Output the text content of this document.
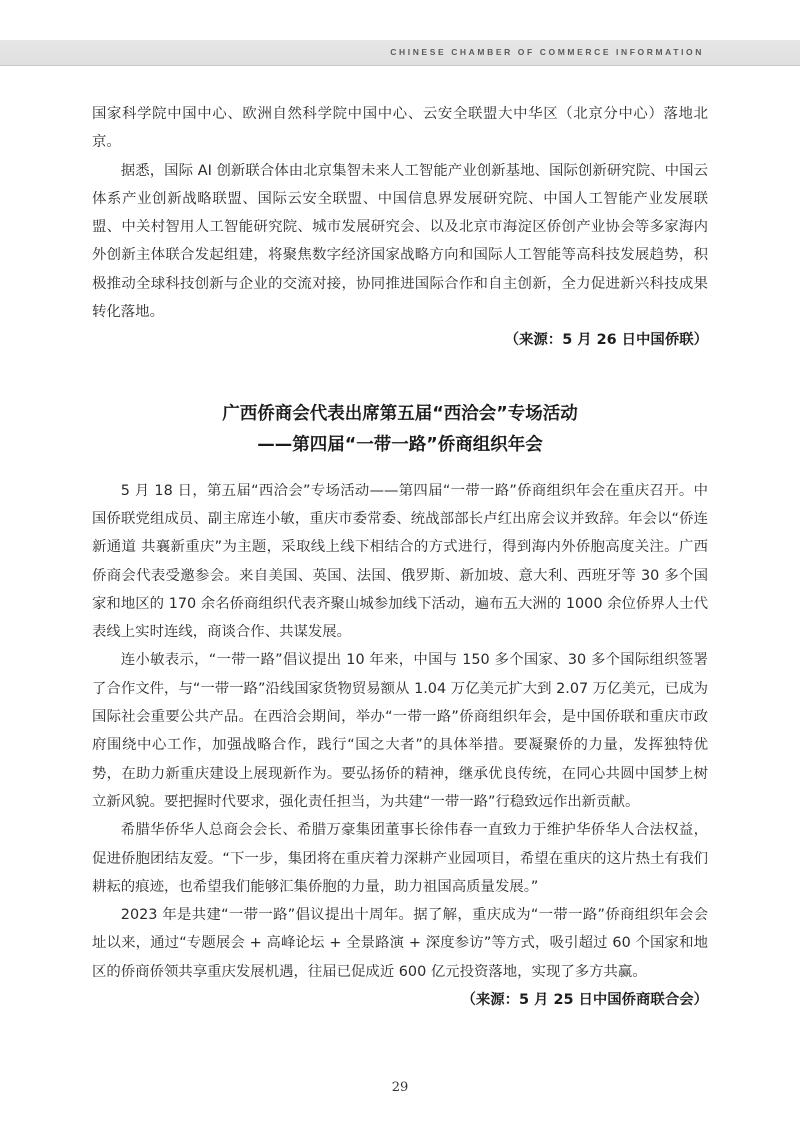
CHINESE CHAMBER OF COMMERCE INFORMATION

国家科学院中国中心、欧洲自然科学院中国中心、云安全联盟大中华区（北京分中心）落地北京。

据悉，国际 AI 创新联合体由北京集智未来人工智能产业创新基地、国际创新研究院、中国云体系产业创新战略联盟、国际云安全联盟、中国信息界发展研究院、中国人工智能产业发展联盟、中关村智用人工智能研究院、城市发展研究会、以及北京市海淀区侨创产业协会等多家海内外创新主体联合发起组建，将聚焦数字经济国家战略方向和国际人工智能等高科技发展趋势，积极推动全球科技创新与企业的交流对接，协同推进国际合作和自主创新，全力促进新兴科技成果转化落地。

（来源：5 月 26 日中国侨联）

广西侨商会代表出席第五届“西洽会”专场活动
——第四届“一带一路”侨商组织年会

5 月 18 日，第五届“西洽会”专场活动——第四届“一带一路”侨商组织年会在重庆召开。中国侨联党组成员、副主席连小敏，重庆市委常委、统战部部长卢红出席会议并致辞。年会以“侨连新通道 共襄新重庆”为主题，采取线上线下相结合的方式进行，得到海内外侨胞高度关注。广西侨商会代表受邀参会。来自美国、英国、法国、俄罗斯、新加坡、意大利、西班牙等 30 多个国家和地区的 170 余名侨商组织代表齐聚山城参加线下活动，遍布五大洲的 1000 余位侨界人士代表线上实时连线，商谈合作、共谋发展。

连小敏表示，“一带一路”倡议提出 10 年来，中国与 150 多个国家、30 多个国际组织签署了合作文件，与“一带一路”沿线国家货物贸易额从 1.04 万亿美元扩大到 2.07 万亿美元，已成为国际社会重要公共产品。在西洽会期间，举办“一带一路”侨商组织年会，是中国侨联和重庆市政府围绕中心工作，加强战略合作，践行“国之大者”的具体举措。要凝聚侨的力量，发挥独特优势，在助力新重庆建设上展现新作为。要弘扬侨的精神，继承优良传统，在同心共圆中国梦上树立新风貌。要把握时代要求，强化责任担当，为共建“一带一路”行稳致远作出新贡献。

希腊华侨华人总商会会长、希腊万豪集团董事长徐伟春一直致力于维护华侨华人合法权益，促进侨胞团结友爱。“下一步，集团将在重庆着力深耕产业园项目，希望在重庆的这片热土有我们耕耘的痕迹，也希望我们能够汇集侨胞的力量，助力祖国高质量发展。”

2023 年是共建“一带一路”倡议提出十周年。据了解，重庆成为“一带一路”侨商组织年会会址以来，通过“专题展会 + 高峰论坛 + 全景路演 + 深度参访”等方式，吸引超过 60 个国家和地区的侨商侨领共享重庆发展机遇，往届已促成近 600 亿元投资落地，实现了多方共赢。

（来源：5 月 25 日中国侨商联合会）

29
